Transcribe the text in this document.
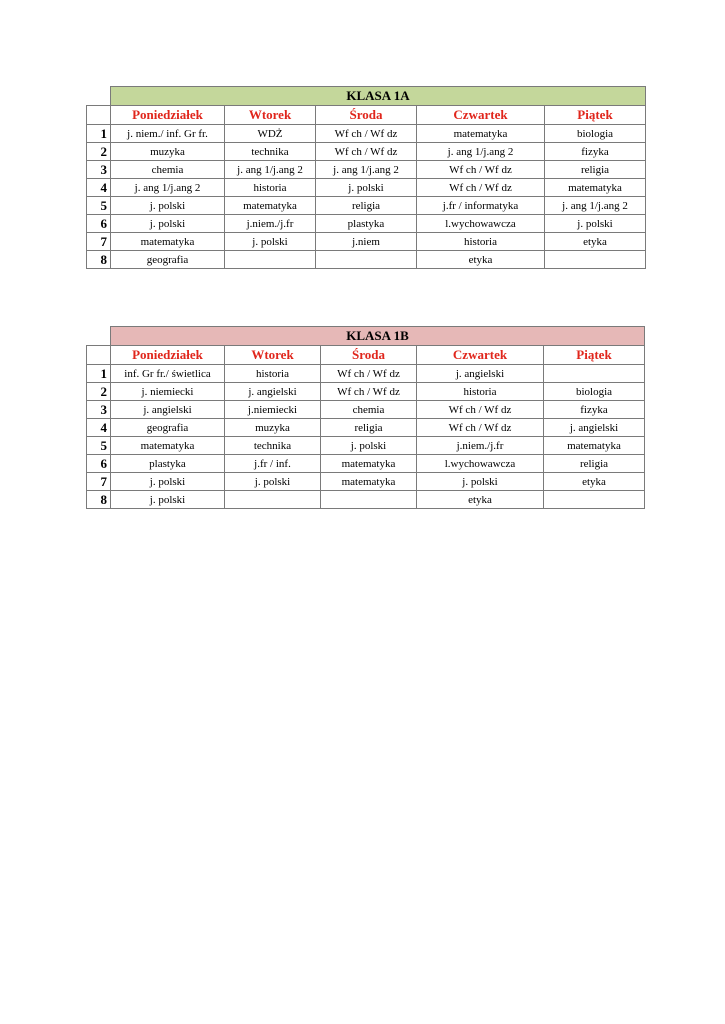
	KLASA 1A				
	Poniedziałek	Wtorek	Środa	Czwartek	Piątek
1	j. niem./ inf. Gr fr.	WDŻ	Wf ch / Wf dz	matematyka	biologia
2	muzyka	technika	Wf ch / Wf dz	j. ang 1/j.ang 2	fizyka
3	chemia	j. ang 1/j.ang 2	j. ang 1/j.ang 2	Wf ch / Wf dz	religia
4	j. ang 1/j.ang 2	historia	j. polski	Wf ch / Wf dz	matematyka
5	j. polski	matematyka	religia	j.fr / informatyka	j. ang 1/j.ang 2
6	j. polski	j.niem./j.fr	plastyka	l.wychowawcza	j. polski
7	matematyka	j. polski	j.niem	historia	etyka
8	geografia			etyka	
	KLASA 1B				
	Poniedziałek	Wtorek	Środa	Czwartek	Piątek
1	inf. Gr fr./ świetlica	historia	Wf ch / Wf dz	j. angielski	
2	j. niemiecki	j. angielski	Wf ch / Wf dz	historia	biologia
3	j. angielski	j.niemiecki	chemia	Wf ch / Wf dz	fizyka
4	geografia	muzyka	religia	Wf ch / Wf dz	j. angielski
5	matematyka	technika	j. polski	j.niem./j.fr	matematyka
6	plastyka	j.fr / inf.	matematyka	l.wychowawcza	religia
7	j. polski	j. polski	matematyka	j. polski	etyka
8	j. polski			etyka	
